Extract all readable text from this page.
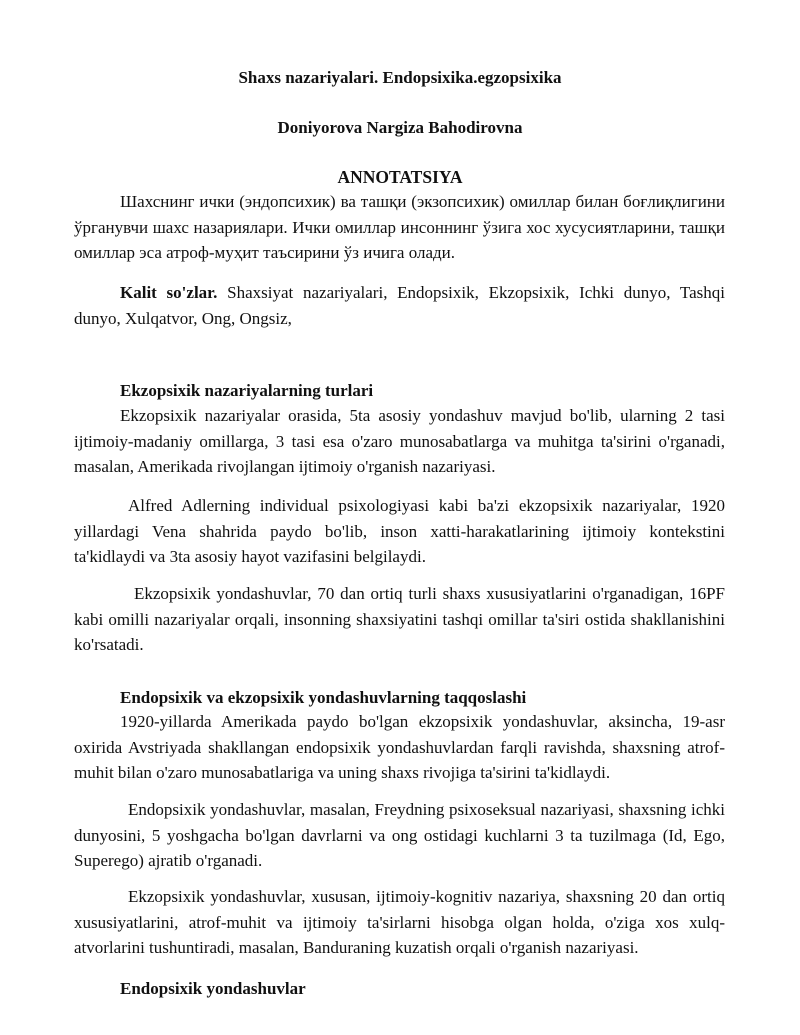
Shaxs nazariyalari. Endopsixika.egzopsixika
Doniyorova Nargiza Bahodirovna
ANNOTATSIYA

Шахснинг ички (эндопсихик) ва ташқи (экзопсихик) омиллар билан боғлиқлигини ўрганувчи шахс назариялари. Ички омиллар инсоннинг ўзига хос хусусиятларини, ташқи омиллар эса атроф-муҳит таъсирини ўз ичига олади.

Kalit so'zlar. Shaxsiyat nazariyalari, Endopsixik, Ekzopsixik, Ichki dunyo, Tashqi dunyo, Xulqatvor, Ong, Ongsiz,

Ekzopsixik nazariyalarning turlari

Ekzopsixik nazariyalar orasida, 5ta asosiy yondashuv mavjud bo'lib, ularning 2 tasi ijtimoiy-madaniy omillarga, 3 tasi esa o'zaro munosabatlarga va muhitga ta'sirini o'rganadi, masalan, Amerikada rivojlangan ijtimoiy o'rganish nazariyasi.

Alfred Adlerning individual psixologiyasi kabi ba'zi ekzopsixik nazariyalar, 1920 yillardagi Vena shahrida paydo bo'lib, inson xatti-harakatlarining ijtimoiy kontekstini ta'kidlaydi va 3ta asosiy hayot vazifasini belgilaydi.

Ekzopsixik yondashuvlar, 70 dan ortiq turli shaxs xususiyatlarini o'rganadigan, 16PF kabi omilli nazariyalar orqali, insonning shaxsiyatini tashqi omillar ta'siri ostida shakllanishini ko'rsatadi.

Endopsixik va ekzopsixik yondashuvlarning taqqoslashi

1920-yillarda Amerikada paydo bo'lgan ekzopsixik yondashuvlar, aksincha, 19-asr oxirida Avstriyada shakllangan endopsixik yondashuvlardan farqli ravishda, shaxsning atrof-muhit bilan o'zaro munosabatlariga va uning shaxs rivojiga ta'sirini ta'kidlaydi.

Endopsixik yondashuvlar, masalan, Freydning psixoseksual nazariyasi, shaxsning ichki dunyosini, 5 yoshgacha bo'lgan davrlarni va ong ostidagi kuchlarni 3 ta tuzilmaga (Id, Ego, Superego) ajratib o'rganadi.

Ekzopsixik yondashuvlar, xususan, ijtimoiy-kognitiv nazariya, shaxsning 20 dan ortiq xususiyatlarini, atrof-muhit va ijtimoiy ta'sirlarni hisobga olgan holda, o'ziga xos xulq-atvorlarini tushuntiradi, masalan, Banduraning kuzatish orqali o'rganish nazariyasi.

Endopsixik yondashuvlar
